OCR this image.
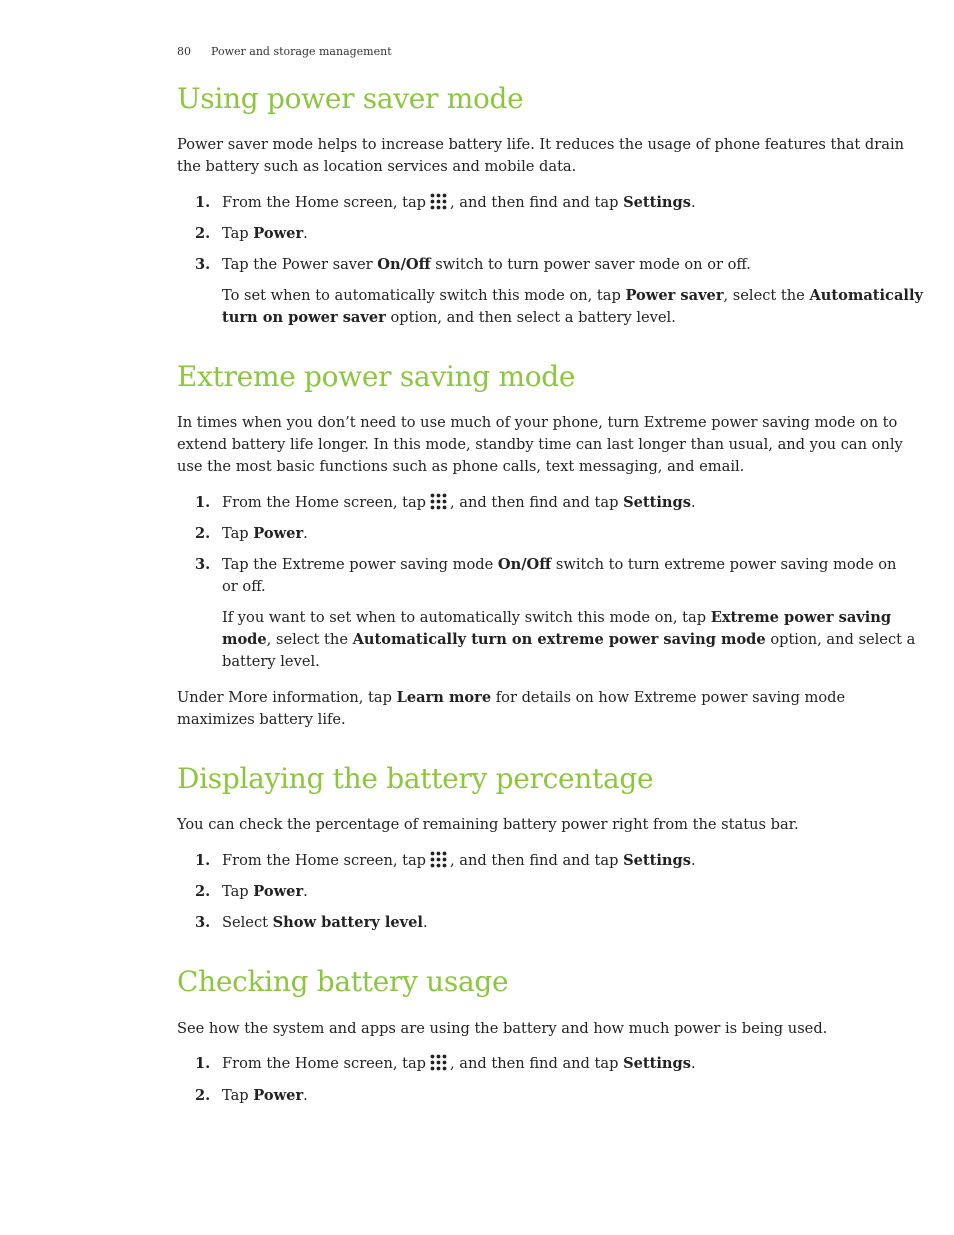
80 Power and storage management
Using power saver mode

Power saver mode helps to increase battery life. It reduces the usage of phone features that drain

the battery such as location services and mobile data.

1. From the Home screen, tap , and then find and tap Settings.
2. Tap Power.
3. Tap the Power saver On/Off switch to turn power saver mode on or off.

To set when to automatically switch this mode on, tap Power saver, select the Automatically

turn on power saver option, and then select a battery level.

Extreme power saving mode

In times when you don’t need to use much of your phone, turn Extreme power saving mode on to

extend battery life longer. In this mode, standby time can last longer than usual, and you can only

use the most basic functions such as phone calls, text messaging, and email.

1. From the Home screen, tap , and then find and tap Settings.
2. Tap Power.
3. Tap the Extreme power saving mode On/Off switch to turn extreme power saving mode on

or off.

If you want to set when to automatically switch this mode on, tap Extreme power saving

mode, select the Automatically turn on extreme power saving mode option, and select a

battery level.

Under More information, tap Learn more for details on how Extreme power saving mode

maximizes battery life.

Displaying the battery percentage

You can check the percentage of remaining battery power right from the status bar.

1. From the Home screen, tap , and then find and tap Settings.
2. Tap Power.
3. Select Show battery level.
Checking battery usage

See how the system and apps are using the battery and how much power is being used.

1. From the Home screen, tap , and then find and tap Settings.
2. Tap Power.
